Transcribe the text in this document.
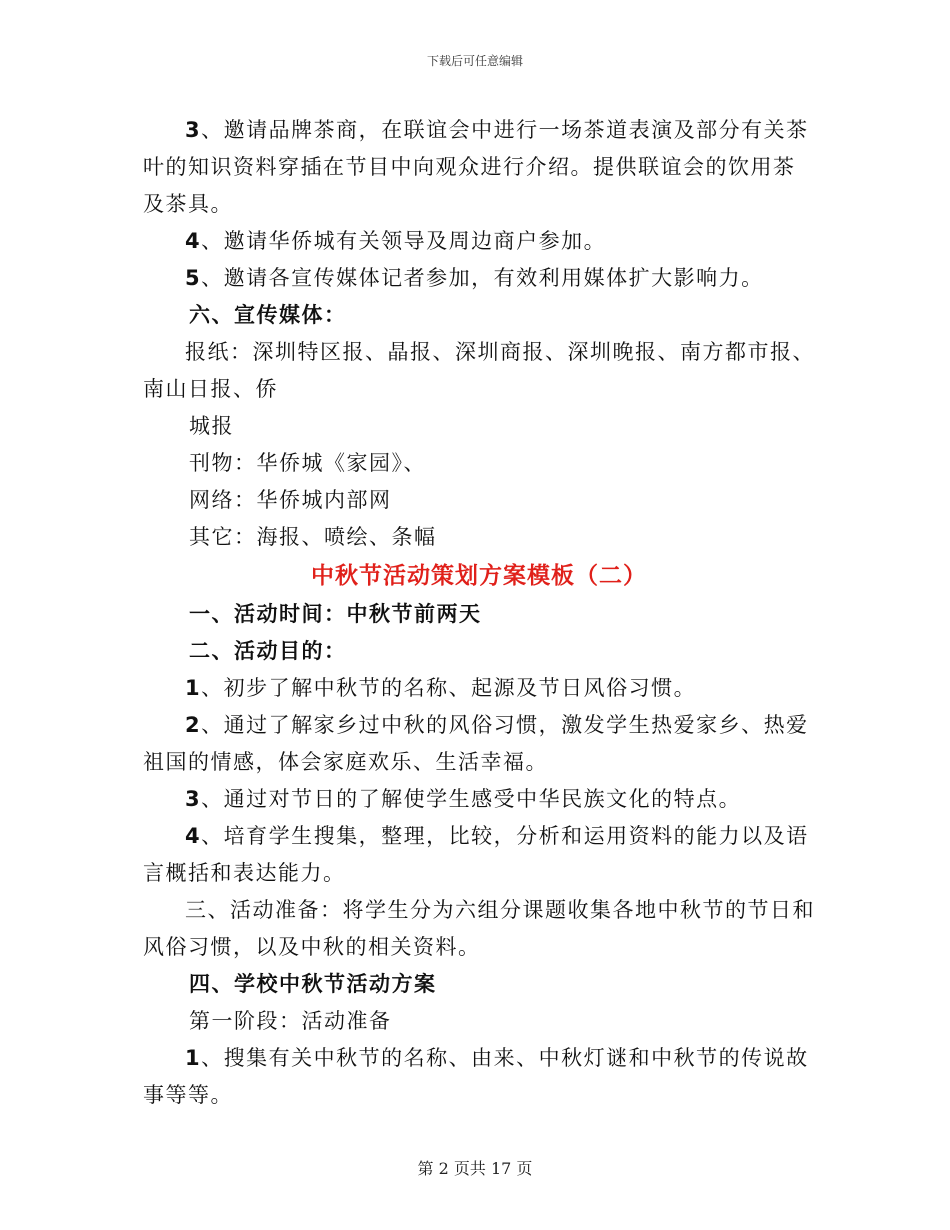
下载后可任意编辑

3、邀请品牌茶商，在联谊会中进行一场茶道表演及部分有关茶叶的知识资料穿插在节目中向观众进行介绍。提供联谊会的饮用茶及茶具。

4、邀请华侨城有关领导及周边商户参加。

5、邀请各宣传媒体记者参加，有效利用媒体扩大影响力。

六、宣传媒体：

报纸：深圳特区报、晶报、深圳商报、深圳晚报、南方都市报、南山日报、侨

城报

刊物：华侨城《家园》、

网络：华侨城内部网

其它：海报、喷绘、条幅

中秋节活动策划方案模板（二）

一、活动时间：中秋节前两天

二、活动目的：

1、初步了解中秋节的名称、起源及节日风俗习惯。

2、通过了解家乡过中秋的风俗习惯，激发学生热爱家乡、热爱祖国的情感，体会家庭欢乐、生活幸福。

3、通过对节日的了解使学生感受中华民族文化的特点。

4、培育学生搜集，整理，比较，分析和运用资料的能力以及语言概括和表达能力。

三、活动准备：将学生分为六组分课题收集各地中秋节的节日和风俗习惯，以及中秋的相关资料。

四、学校中秋节活动方案

第一阶段：活动准备

1、搜集有关中秋节的名称、由来、中秋灯谜和中秋节的传说故事等等。

第 2 页共 17 页
